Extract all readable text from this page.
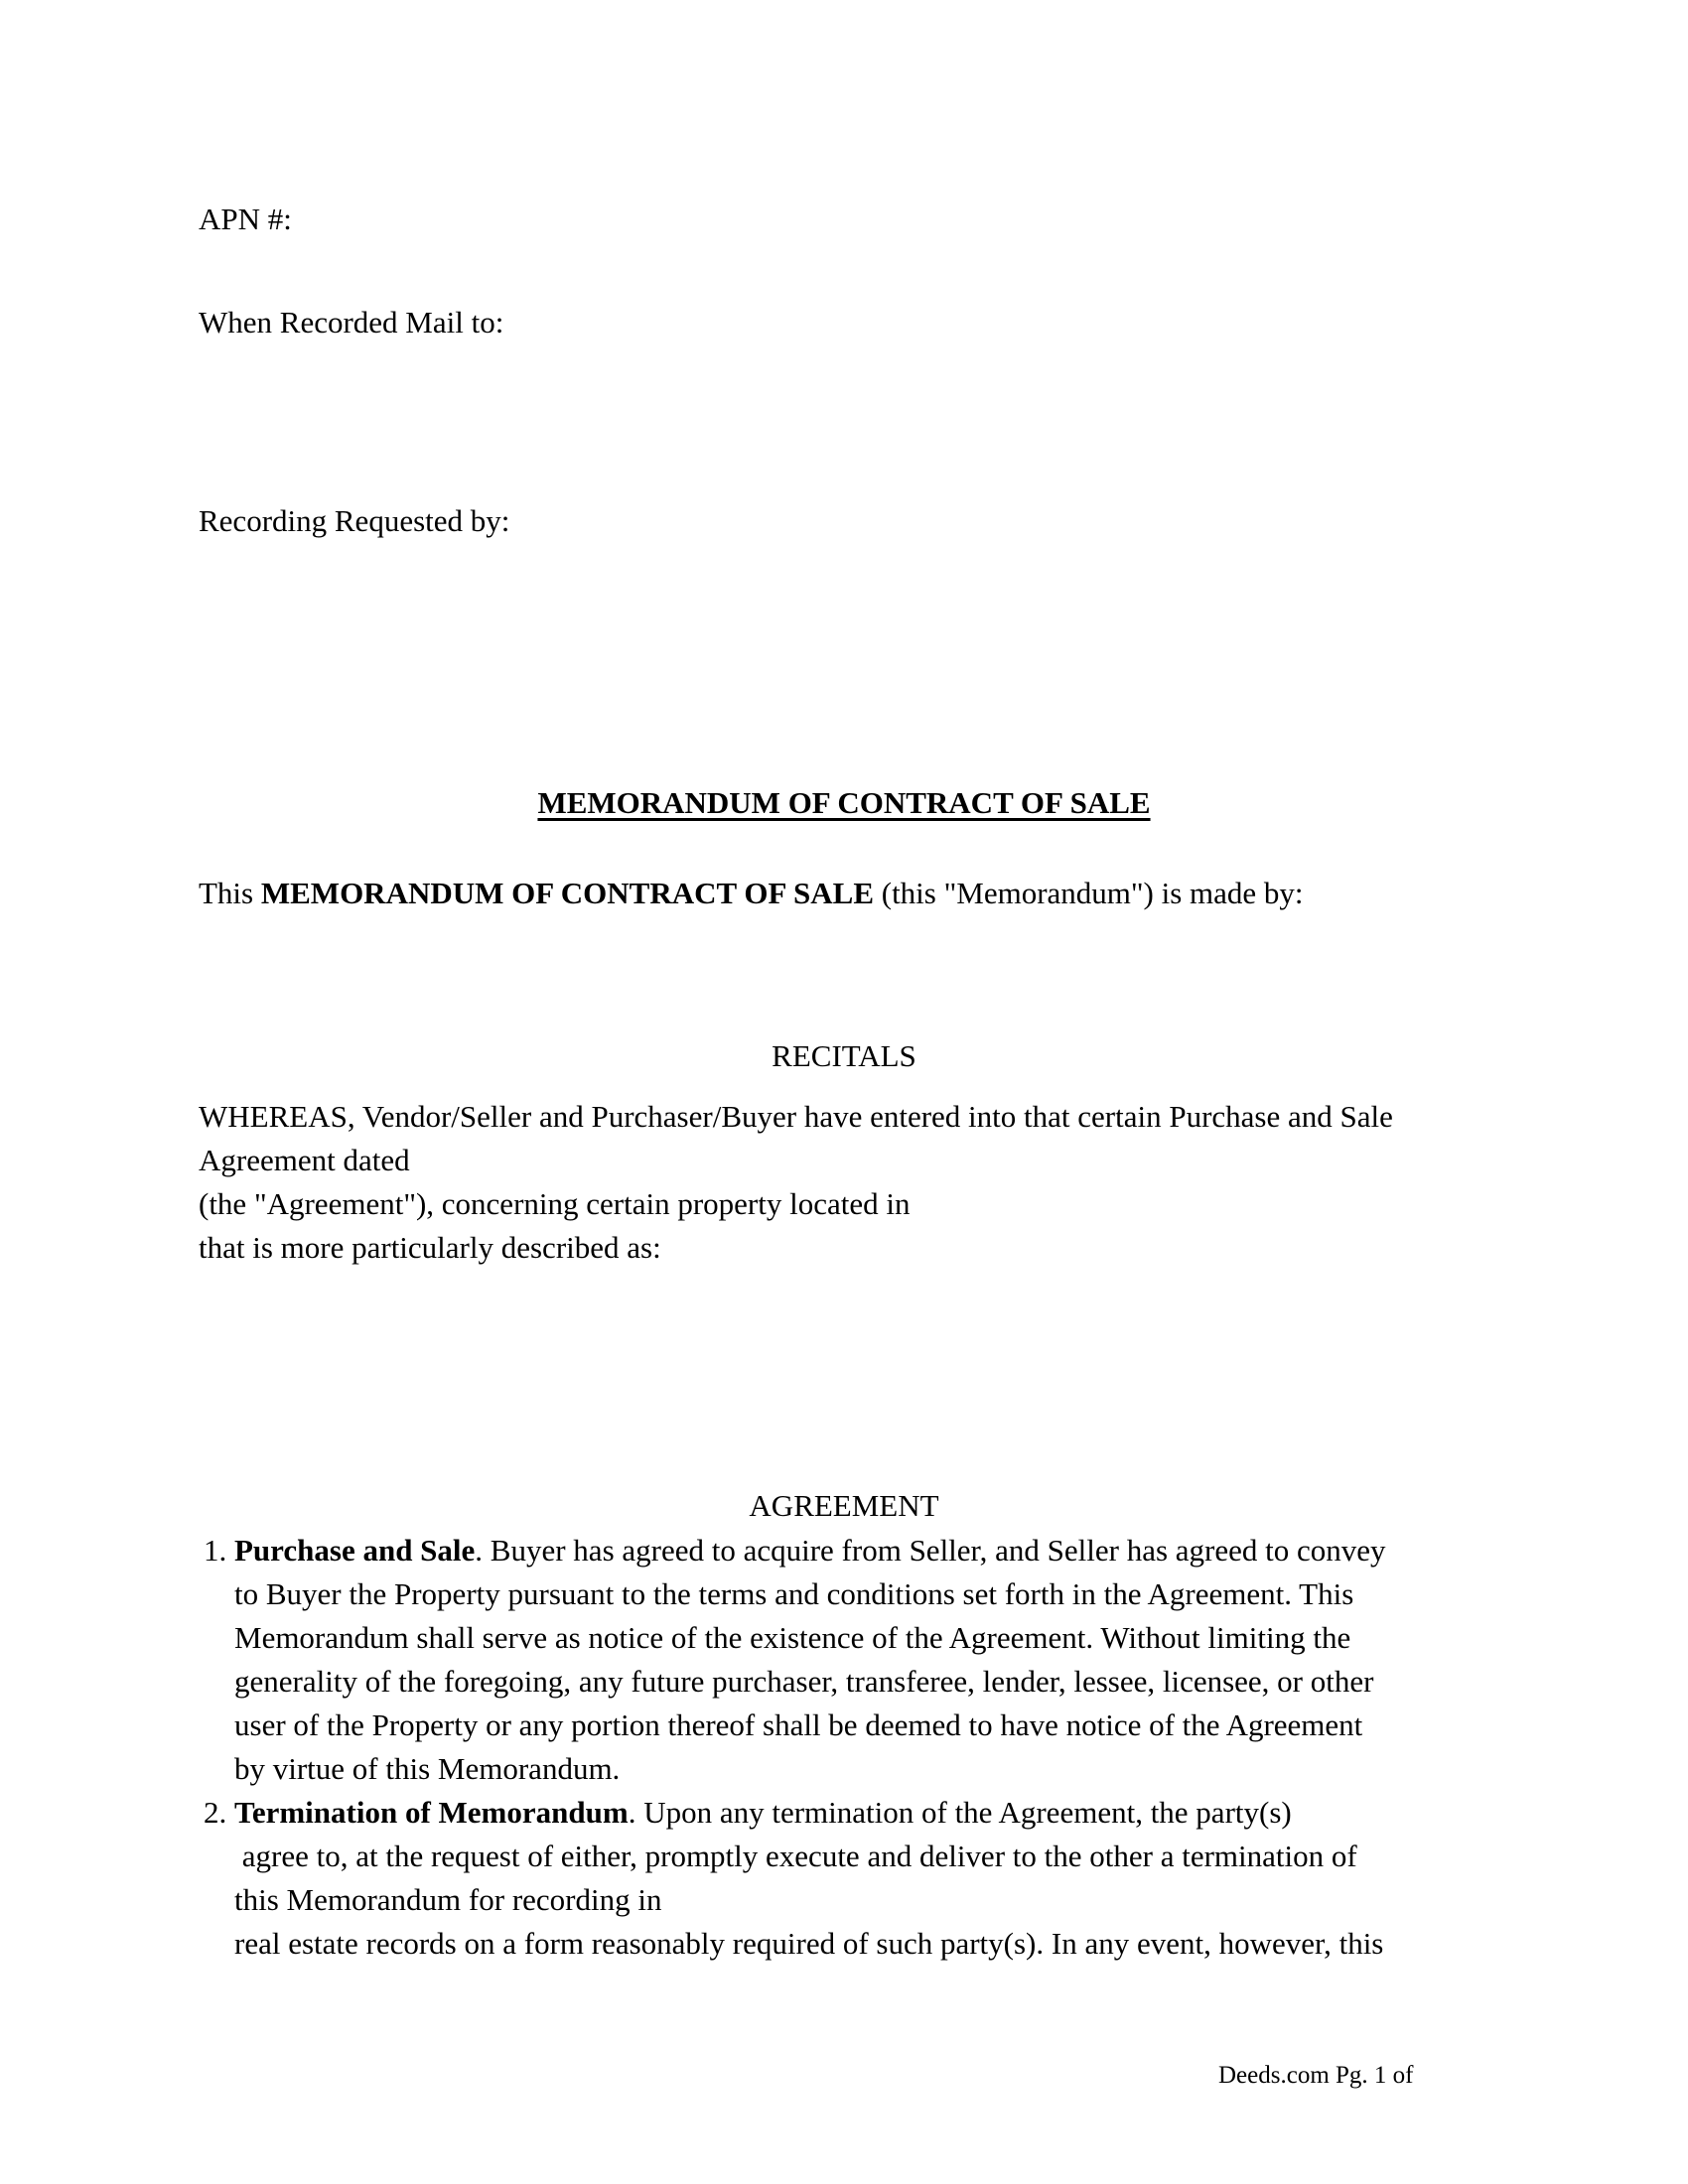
APN #:
When Recorded Mail to:
Recording Requested by:
MEMORANDUM OF CONTRACT OF SALE
This MEMORANDUM OF CONTRACT OF SALE (this "Memorandum") is made by:
RECITALS
WHEREAS, Vendor/Seller and Purchaser/Buyer have entered into that certain Purchase and Sale
Agreement dated
(the "Agreement"), concerning certain property located in
that is more particularly described as:
AGREEMENT
1. Purchase and Sale. Buyer has agreed to acquire from Seller, and Seller has agreed to convey
to Buyer the Property pursuant to the terms and conditions set forth in the Agreement. This
Memorandum shall serve as notice of the existence of the Agreement. Without limiting the
generality of the foregoing, any future purchaser, transferee, lender, lessee, licensee, or other
user of the Property or any portion thereof shall be deemed to have notice of the Agreement
by virtue of this Memorandum.
2. Termination of Memorandum. Upon any termination of the Agreement, the party(s)
agree to, at the request of either, promptly execute and deliver to the other a termination of
this Memorandum for recording in
real estate records on a form reasonably required of such party(s). In any event, however, this
Deeds.com Pg. 1 of
